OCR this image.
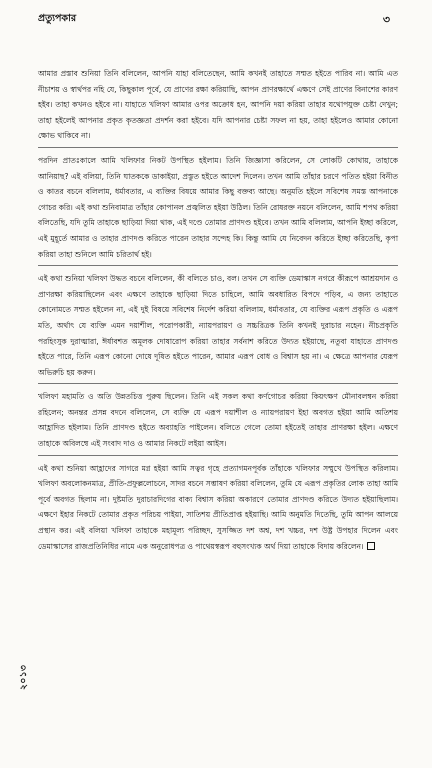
প্রত্যুপকার	৩

আমার প্রস্তাব শুনিয়া তিনি বলিলেন, আপনি যাহা বলিতেছেন, আমি কখনই তাহাতে সম্মত হইতে পারিব না। আমি এত নীচাশয় ও স্বার্থপর নহি যে, কিছুকাল পূর্বে, যে প্রাণের রক্ষা করিয়াছি, আপন প্রাণরক্ষার্থে এক্ষণে সেই প্রাণের বিনাশের কারণ হইব। তাহা কখনও হইবে না। যাহাতে খলিফা আমার ওপর অক্রোধ হন, আপনি দয়া করিয়া তাহার যথোপযুক্ত চেষ্টা দেখুন; তাহা হইলেই আপনার প্রকৃত কৃতজ্ঞতা প্রদর্শন করা হইবে। যদি আপনার চেষ্টা সফল না হয়, তাহা হইলেও আমার কোনো ক্ষোভ থাকিবে না।

পরদিন প্রাতঃকালে আমি খলিফার নিকট উপস্থিত হইলাম। তিনি জিজ্ঞাসা করিলেন, সে লোকটি কোথায়, তাহাকে আনিয়াছ? এই বলিয়া, তিনি ঘাতককে ডাকাইয়া, প্রস্তুত হইতে আদেশ দিলেন। তখন আমি তাঁহার চরণে পতিত হইয়া বিনীত ও কাতর বচনে বলিলাম, ধর্মাবতার, এ ব্যক্তির বিষয়ে আমার কিছু বক্তব্য আছে। অনুমতি হইলে সবিশেষ সমস্ত আপনাকে গোচর করি। এই কথা শুনিবামাত্র তাঁহার কোপানল প্রজ্বলিত হইয়া উঠিল। তিনি রোষরক্ত নয়নে বলিলেন, আমি শপথ করিয়া বলিতেছি, যদি তুমি তাহাকে ছাড়িয়া দিয়া থাক, এই দণ্ডে তোমার প্রাণদণ্ড হইবে। তখন আমি বলিলাম, আপনি ইচ্ছা করিলে, এই মুহূর্তে আমার ও তাহার প্রাণদণ্ড করিতে পারেন তাহার সন্দেহ কি। কিন্তু আমি যে নিবেদন করিতে ইচ্ছা করিতেছি, কৃপা করিয়া তাহা শুনিলে আমি চরিতার্থ হই।

এই কথা শুনিয়া খলিফা উদ্ধত বচনে বলিলেন, কী বলিতে চাও, বল। তখন সে ব্যক্তি ডেমাস্কাস নগরে কীরূপে আশ্রয়দান ও প্রাণরক্ষা করিয়াছিলেন এবং এক্ষণে তাহাকে ছাড়িয়া দিতে চাহিলে, আমি অবধারিত বিপদে পড়িব, এ জন্য তাহাতে কোনোমতে সম্মত হইলেন না, এই দুই বিষয়ে সবিশেষ নির্দেশ করিয়া বলিলাম, ধর্মাবতার, যে ব্যক্তির এরূপ প্রকৃতি ও এরূপ মতি, অর্থাৎ যে ব্যক্তি এমন দয়াশীল, পরোপকারী, ন্যায়পরায়ণ ও সচ্চরিত্রক তিনি কখনই দুরাচার নহেন। নীচপ্রকৃতি পরহিংসুক দুরাত্মারা, ঈর্ষাবশত অমূলক দোষারোপ করিয়া তাহার সর্বনাশ করিতে উদ্যত হইয়াছে, নতুবা যাহাতে প্রাণদণ্ড হইতে পারে, তিনি এরূপ কোনো দোষে দূষিত হইতে পারেন, আমার এরূপ বোধ ও বিশ্বাস হয় না। এ ক্ষেত্রে আপনার যেরূপ অভিরুচি হয় করুন।

খলিফা মহামতি ও অতি উন্নতচিত্ত পুরুষ ছিলেন। তিনি এই সকল কথা কর্ণগোচর করিয়া কিয়ৎক্ষণ মৌনাবলম্বন করিয়া রহিলেন; অনন্তর প্রসন্ন বদনে বলিলেন, সে ব্যক্তি যে এরূপ দয়াশীল ও ন্যায়পরায়ণ ইহা অবগত হইয়া আমি অতিশয় আহ্লাদিত হইলাম। তিনি প্রাণদণ্ড হইতে অব্যাহতি পাইলেন। বলিতে গেলে তোমা হইতেই তাহার প্রাণরক্ষা হইল। এক্ষণে তাহাকে অবিলম্বে এই সংবাদ দাও ও আমার নিকটে লইয়া আইস।

এই কথা শুনিয়া আহ্লাদের সাগরে মগ্ন হইয়া আমি সত্বর গৃহে প্রত্যাগমনপূর্বক তাঁহাকে খলিফার সম্মুখে উপস্থিত করিলাম। খলিফা অবলোকনমাত্র, প্রীতি-প্রফুল্ললোচনে, সাদর বচনে সম্ভাষণ করিয়া বলিলেন, তুমি যে এরূপ প্রকৃতির লোক তাহা আমি পূর্বে অবগত ছিলাম না। দুষ্টমতি দুরাচারদিগের বাক্য বিশ্বাস করিয়া অকারণে তোমার প্রাণদণ্ড করিতে উদ্যত হইয়াছিলাম। এক্ষণে ইহার নিকটে তোমার প্রকৃত পরিচয় পাইয়া, সাতিশয় প্রীতিপ্রাপ্ত হইয়াছি। আমি অনুমতি দিতেছি, তুমি আপন আলয়ে প্রস্থান কর। এই বলিয়া খলিফা তাহাকে মহামূল্য পরিচ্ছদ, সুসজ্জিত দশ অশ্ব, দশ খচ্চর, দশ উষ্ট্র উপহার দিলেন এবং ডেমাস্কাসের রাজপ্রতিনিধির নামে এক অনুরোধপত্র ও পাথেয়স্বরূপ বহুসংখ্যক অর্থ দিয়া তাহাকে বিদায় করিলেন।

২০১৩
